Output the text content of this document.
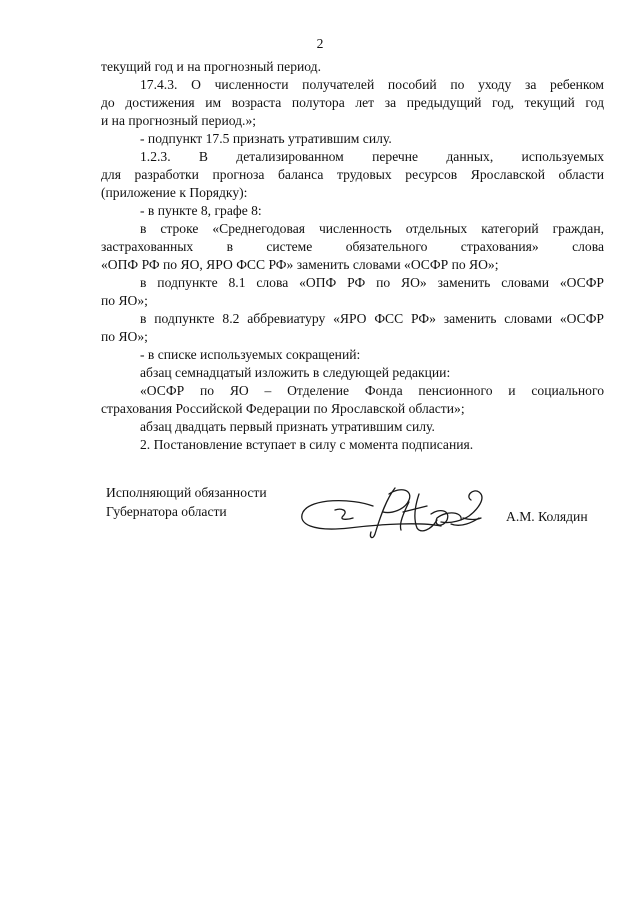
2
текущий год и на прогнозный период.
17.4.3. О численности получателей пособий по уходу за ребенком
до достижения им возраста полутора лет за предыдущий год, текущий год
и на прогнозный период.»;
- подпункт 17.5 признать утратившим силу.
1.2.3. В детализированном перечне данных, используемых
для разработки прогноза баланса трудовых ресурсов Ярославской области
(приложение к Порядку):
- в пункте 8, графе 8:
в строке «Среднегодовая численность отдельных категорий граждан,
застрахованных в системе обязательного страхования» слова
«ОПФ РФ по ЯО, ЯРО ФСС РФ» заменить словами «ОСФР по ЯО»;
в подпункте 8.1 слова «ОПФ РФ по ЯО» заменить словами «ОСФР
по ЯО»;
в подпункте 8.2 аббревиатуру «ЯРО ФСС РФ» заменить словами «ОСФР
по ЯО»;
- в списке используемых сокращений:
абзац семнадцатый изложить в следующей редакции:
«ОСФР по ЯО – Отделение Фонда пенсионного и социального
страхования Российской Федерации по Ярославской области»;
абзац двадцать первый признать утратившим силу.
2. Постановление вступает в силу с момента подписания.
Исполняющий обязанности
Губернатора области	А.М. Колядин
